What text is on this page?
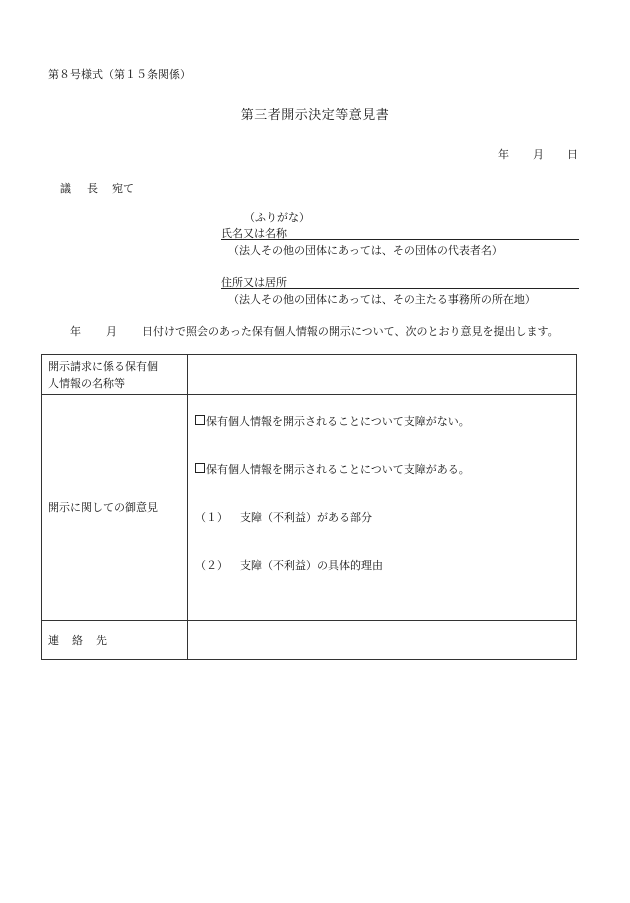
第８号様式（第１５条関係）
第三者開示決定等意見書
年 月 日
議 長 宛て
（ふりがな）
氏名又は名称
（法人その他の団体にあっては、その団体の代表者名）
住所又は居所
（法人その他の団体にあっては、その主たる事務所の所在地）
年 月 日付けで照会のあった保有個人情報の開示について、次のとおり意見を提出します。
開示請求に係る保有個
人情報の名称等	

開示に関しての御意見	保有個人情報を開示されることについて支障がない。
保有個人情報を開示されることについて支障がある。
（１） 支障（不利益）がある部分
（２） 支障（不利益）の具体的理由

連 絡 先	
